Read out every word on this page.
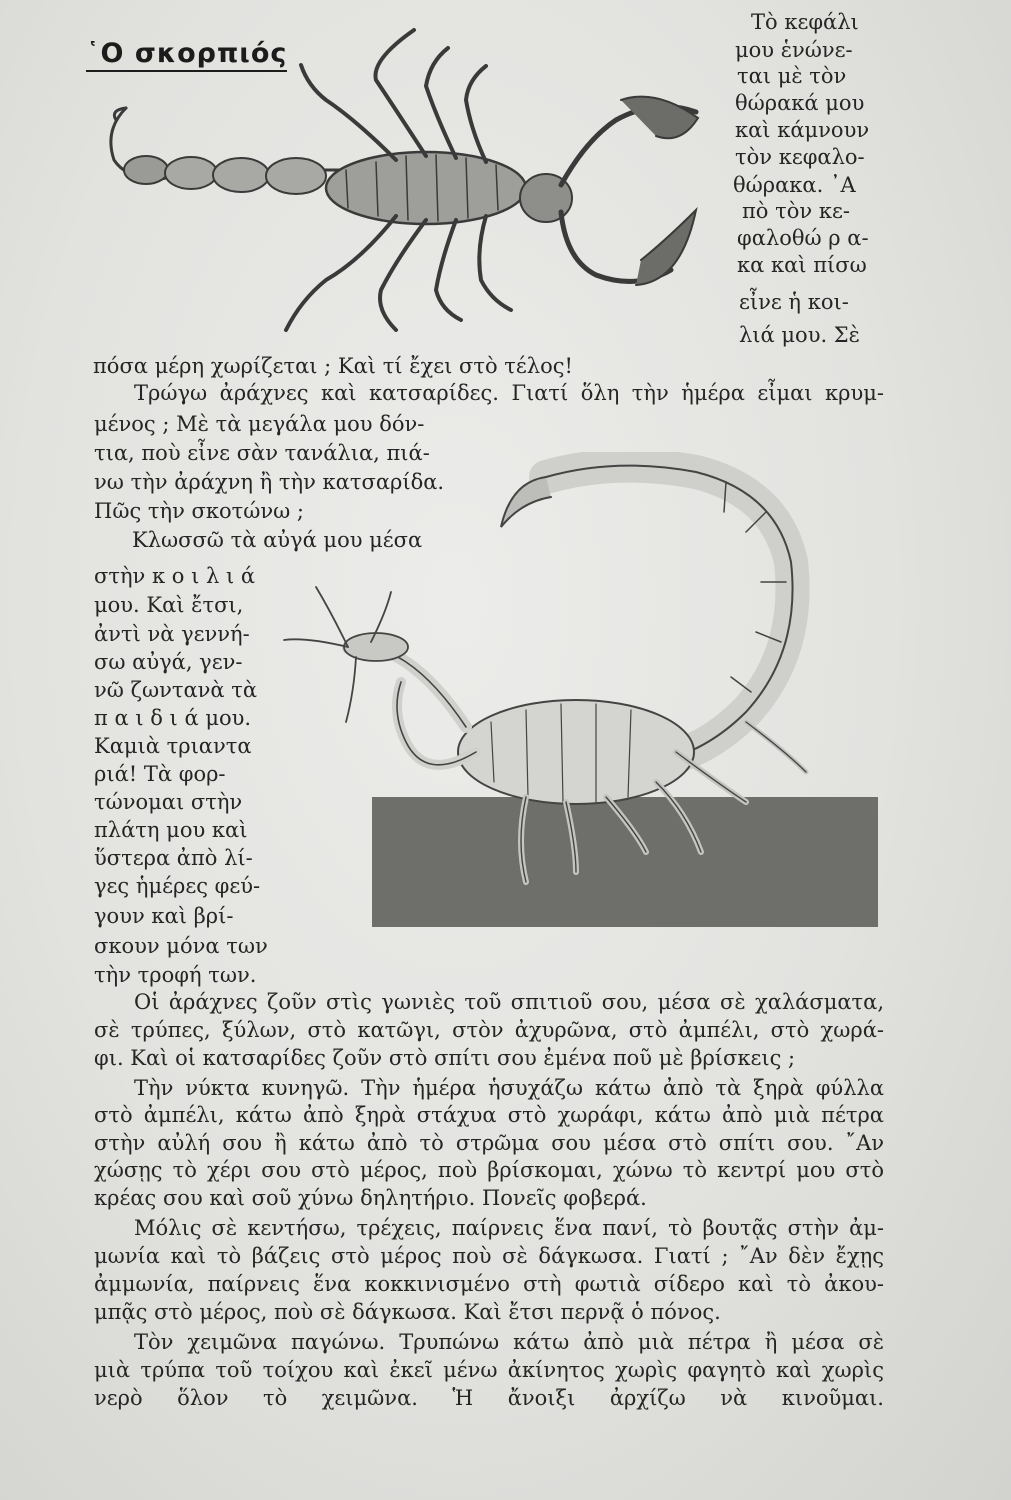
῾Ο σκορπιός
Τὸ κεφάλι
μου ἑνώνε-
ται μὲ τὸν
θώρακά μου
καὶ κάμνουν
τὸν κεφαλο-
θώρακα. ᾿Α
πὸ τὸν κε-
φαλοθώ ρ α-
κα καὶ πίσω
εἶνε ἡ κοι-
λιά μου. Σὲ
πόσα μέρη χωρίζεται ; Καὶ τί ἔχει στὸ τέλος!
Τρώγω ἀράχνες καὶ κατσαρίδες. Γιατί ὅλη τὴν ἡμέρα εἶμαι κρυμ-
μένος ; Μὲ τὰ μεγάλα μου δόν-
τια, ποὺ εἶνε σὰν τανάλια, πιά-
νω τὴν ἀράχνη ἢ τὴν κατσαρίδα.
Πῶς τὴν σκοτώνω ;
Κλωσσῶ τὰ αὐγά μου μέσα
στὴν κ ο ι λ ι ά
μου. Καὶ ἔτσι,
ἀντὶ νὰ γεννή-
σω αὐγά, γεν-
νῶ ζωντανὰ τὰ
π α ι δ ι ά μου.
Καμιὰ τριαντα
ριά! Τὰ φορ-
τώνομαι στὴν
πλάτη μου καὶ
ὕστερα ἀπὸ λί-
γες ἡμέρες φεύ-
γουν καὶ βρί-
σκουν μόνα των
τὴν τροφή των.
Οἱ ἀράχνες ζοῦν στὶς γωνιὲς τοῦ σπιτιοῦ σου, μέσα σὲ χαλάσματα,
σὲ τρύπες, ξύλων, στὸ κατῶγι, στὸν ἀχυρῶνα, στὸ ἀμπέλι, στὸ χωρά-
φι. Καὶ οἱ κατσαρίδες ζοῦν στὸ σπίτι σου ἐμένα ποῦ μὲ βρίσκεις ;
Τὴν νύκτα κυνηγῶ. Τὴν ἡμέρα ἡσυχάζω κάτω ἀπὸ τὰ ξηρὰ φύλλα
στὸ ἀμπέλι, κάτω ἀπὸ ξηρὰ στάχυα στὸ χωράφι, κάτω ἀπὸ μιὰ πέτρα
στὴν αὐλή σου ἢ κάτω ἀπὸ τὸ στρῶμα σου μέσα στὸ σπίτι σου. ῎Αν
χώσῃς τὸ χέρι σου στὸ μέρος, ποὺ βρίσκομαι, χώνω τὸ κεντρί μου στὸ
κρέας σου καὶ σοῦ χύνω δηλητήριο. Πονεῖς φοβερά.
Μόλις σὲ κεντήσω, τρέχεις, παίρνεις ἕνα πανί, τὸ βουτᾷς στὴν ἀμ-
μωνία καὶ τὸ βάζεις στὸ μέρος ποὺ σὲ δάγκωσα. Γιατί ; ῎Αν δὲν ἔχῃς
ἀμμωνία, παίρνεις ἕνα κοκκινισμένο στὴ φωτιὰ σίδερο καὶ τὸ ἀκου-
μπᾷς στὸ μέρος, ποὺ σὲ δάγκωσα. Καὶ ἔτσι περνᾷ ὁ πόνος.
Τὸν χειμῶνα παγώνω. Τρυπώνω κάτω ἀπὸ μιὰ πέτρα ἢ μέσα σὲ
μιὰ τρύπα τοῦ τοίχου καὶ ἐκεῖ μένω ἀκίνητος χωρὶς φαγητὸ καὶ χωρὶς
νερὸ ὅλον τὸ χειμῶνα. Ἡ ἄνοιξι ἀρχίζω νὰ κινοῦμαι.
